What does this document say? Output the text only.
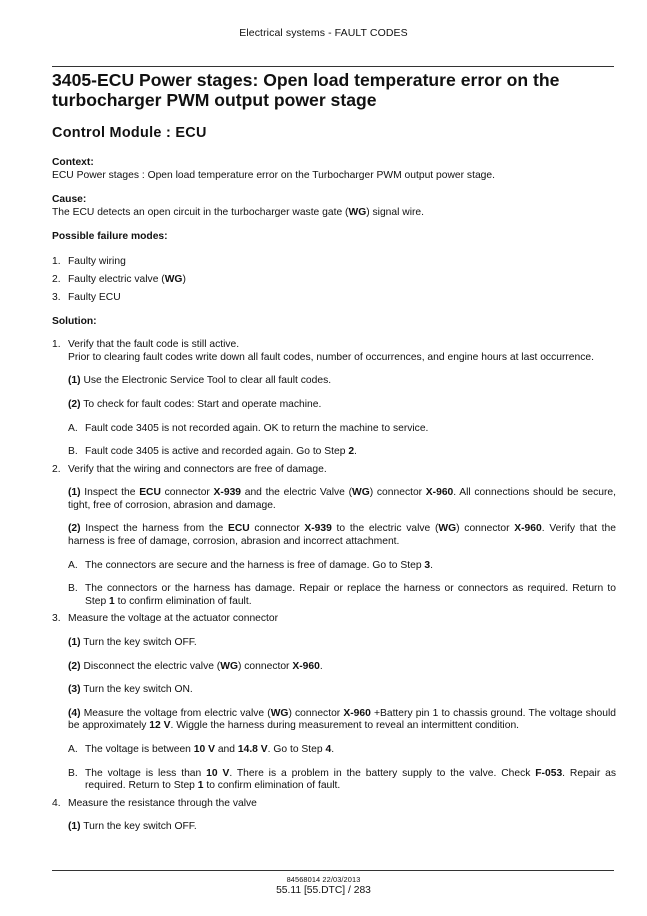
Electrical systems - FAULT CODES
3405-ECU Power stages: Open load temperature error on the turbocharger PWM output power stage
Control Module : ECU

Context:

ECU Power stages : Open load temperature error on the Turbocharger PWM output power stage.

Cause:

The ECU detects an open circuit in the turbocharger waste gate (WG) signal wire.

Possible failure modes:

1. Faulty wiring
2. Faulty electric valve (WG)
3. Faulty ECU

Solution:

1. Verify that the fault code is still active.

Prior to clearing fault codes write down all fault codes, number of occurrences, and engine hours at last occurrence.

(1) Use the Electronic Service Tool to clear all fault codes.

(2) To check for fault codes: Start and operate machine.

A. Fault code 3405 is not recorded again. OK to return the machine to service.
B. Fault code 3405 is active and recorded again. Go to Step 2.
2. Verify that the wiring and connectors are free of damage.

(1) Inspect the ECU connector X-939 and the electric Valve (WG) connector X-960. All connections should be secure, tight, free of corrosion, abrasion and damage.

(2) Inspect the harness from the ECU connector X-939 to the electric valve (WG) connector X-960. Verify that the harness is free of damage, corrosion, abrasion and incorrect attachment.

A. The connectors are secure and the harness is free of damage. Go to Step 3.
B. The connectors or the harness has damage. Repair or replace the harness or connectors as required. Return to Step 1 to confirm elimination of fault.
3. Measure the voltage at the actuator connector

(1) Turn the key switch OFF.

(2) Disconnect the electric valve (WG) connector X-960.

(3) Turn the key switch ON.

(4) Measure the voltage from electric valve (WG) connector X-960 +Battery pin 1 to chassis ground. The voltage should be approximately 12 V. Wiggle the harness during measurement to reveal an intermittent condition.

A. The voltage is between 10 V and 14.8 V. Go to Step 4.
B. The voltage is less than 10 V. There is a problem in the battery supply to the valve. Check F-053. Repair as required. Return to Step 1 to confirm elimination of fault.
4. Measure the resistance through the valve

(1) Turn the key switch OFF.

84568014 22/03/2013
55.11 [55.DTC] / 283
